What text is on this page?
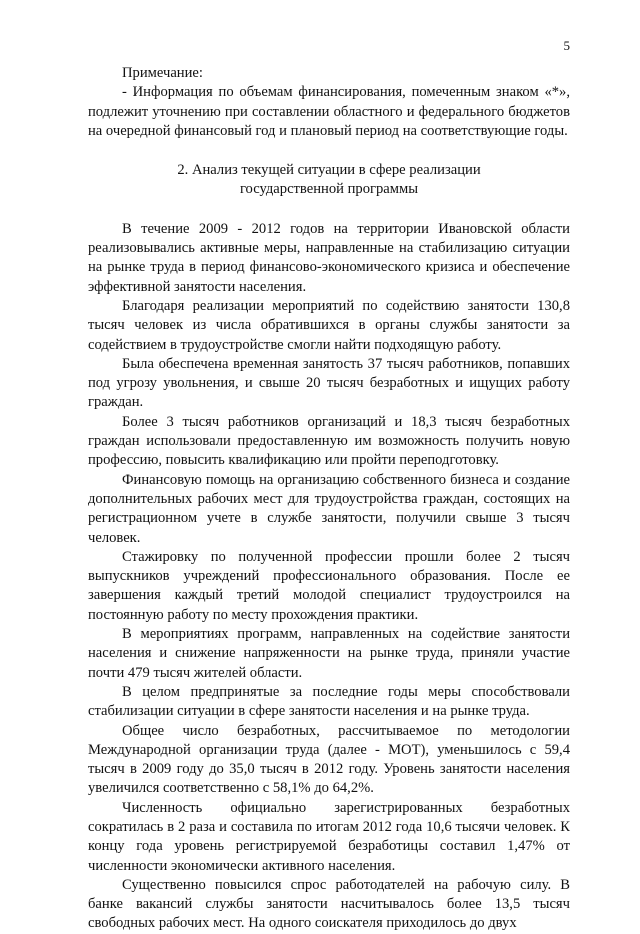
5

Примечание:

- Информация по объемам финансирования, помеченным знаком «*», подлежит уточнению при составлении областного и федерального бюджетов на очередной финансовый год и плановый период на соответствующие годы.

2. Анализ текущей ситуации в сфере реализации
государственной программы

В течение 2009 - 2012 годов на территории Ивановской области реализовывались активные меры, направленные на стабилизацию ситуации на рынке труда в период финансово-экономического кризиса и обеспечение эффективной занятости населения.

Благодаря реализации мероприятий по содействию занятости 130,8 тысяч человек из числа обратившихся в органы службы занятости за содействием в трудоустройстве смогли найти подходящую работу.

Была обеспечена временная занятость 37 тысяч работников, попавших под угрозу увольнения, и свыше 20 тысяч безработных и ищущих работу граждан.

Более 3 тысяч работников организаций и 18,3 тысяч безработных граждан использовали предоставленную им возможность получить новую профессию, повысить квалификацию или пройти переподготовку.

Финансовую помощь на организацию собственного бизнеса и создание дополнительных рабочих мест для трудоустройства граждан, состоящих на регистрационном учете в службе занятости, получили свыше 3 тысяч человек.

Стажировку по полученной профессии прошли более 2 тысяч выпускников учреждений профессионального образования. После ее завершения каждый третий молодой специалист трудоустроился на постоянную работу по месту прохождения практики.

В мероприятиях программ, направленных на содействие занятости населения и снижение напряженности на рынке труда, приняли участие почти 479 тысяч жителей области.

В целом предпринятые за последние годы меры способствовали стабилизации ситуации в сфере занятости населения и на рынке труда.

Общее число безработных, рассчитываемое по методологии Международной организации труда (далее - МОТ), уменьшилось с 59,4 тысяч в 2009 году до 35,0 тысяч в 2012 году. Уровень занятости населения увеличился соответственно с 58,1% до 64,2%.

Численность официально зарегистрированных безработных сократилась в 2 раза и составила по итогам 2012 года 10,6 тысячи человек. К концу года уровень регистрируемой безработицы составил 1,47% от численности экономически активного населения.

Существенно повысился спрос работодателей на рабочую силу. В банке вакансий службы занятости насчитывалось более 13,5 тысяч свободных рабочих мест. На одного соискателя приходилось до двух
